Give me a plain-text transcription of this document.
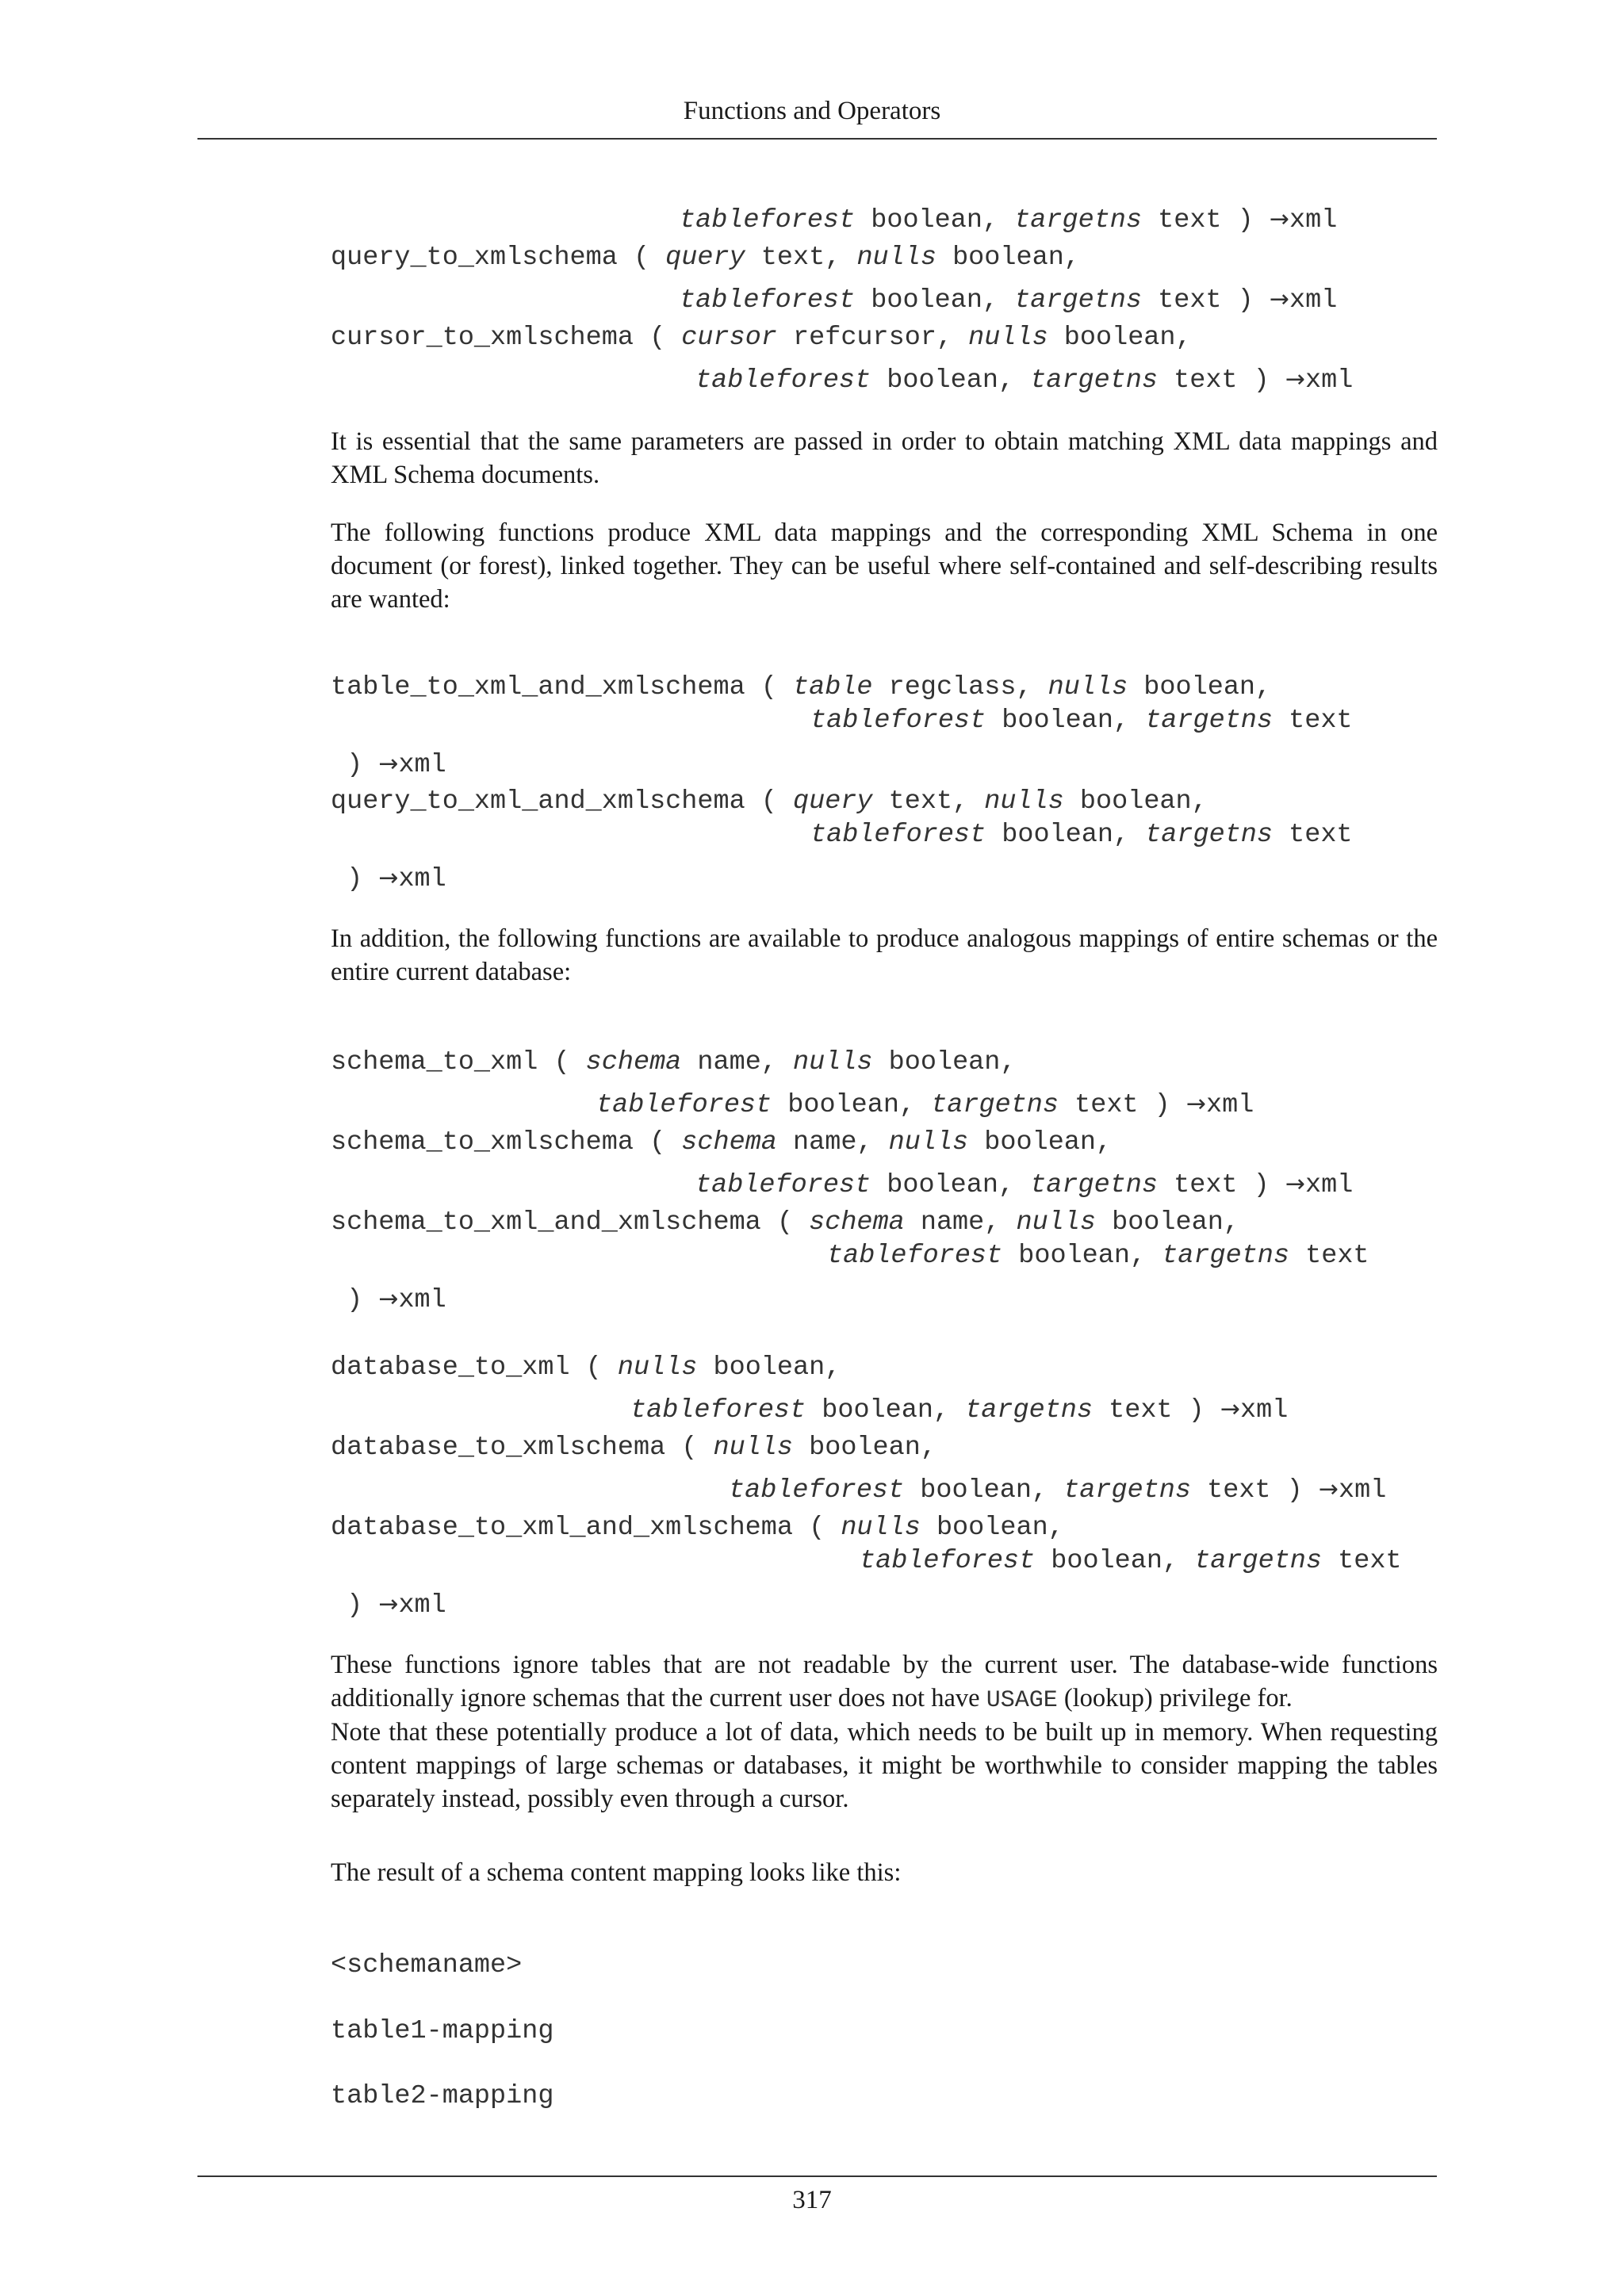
Functions and Operators
tableforest boolean, targetns text ) →xml
query_to_xmlschema ( query text, nulls boolean,
tableforest boolean, targetns text ) →xml
cursor_to_xmlschema ( cursor refcursor, nulls boolean,
tableforest boolean, targetns text ) →xml

It is essential that the same parameters are passed in order to obtain matching XML data mappings and XML Schema documents.

The following functions produce XML data mappings and the corresponding XML Schema in one document (or forest), linked together. They can be useful where self-contained and self-describing results are wanted:

table_to_xml_and_xmlschema ( table regclass, nulls boolean,
tableforest boolean, targetns text
) →xml
query_to_xml_and_xmlschema ( query text, nulls boolean,
tableforest boolean, targetns text
) →xml

In addition, the following functions are available to produce analogous mappings of entire schemas or the entire current database:

schema_to_xml ( schema name, nulls boolean,
tableforest boolean, targetns text ) →xml
schema_to_xmlschema ( schema name, nulls boolean,
tableforest boolean, targetns text ) →xml
schema_to_xml_and_xmlschema ( schema name, nulls boolean,
tableforest boolean, targetns text
) →xml
database_to_xml ( nulls boolean,
tableforest boolean, targetns text ) →xml
database_to_xmlschema ( nulls boolean,
tableforest boolean, targetns text ) →xml
database_to_xml_and_xmlschema ( nulls boolean,
tableforest boolean, targetns text
) →xml

These functions ignore tables that are not readable by the current user. The database-wide functions additionally ignore schemas that the current user does not have USAGE (lookup) privilege for.

Note that these potentially produce a lot of data, which needs to be built up in memory. When requesting content mappings of large schemas or databases, it might be worthwhile to consider mapping the tables separately instead, possibly even through a cursor.

The result of a schema content mapping looks like this:

<schemaname>
table1-mapping
table2-mapping
317
